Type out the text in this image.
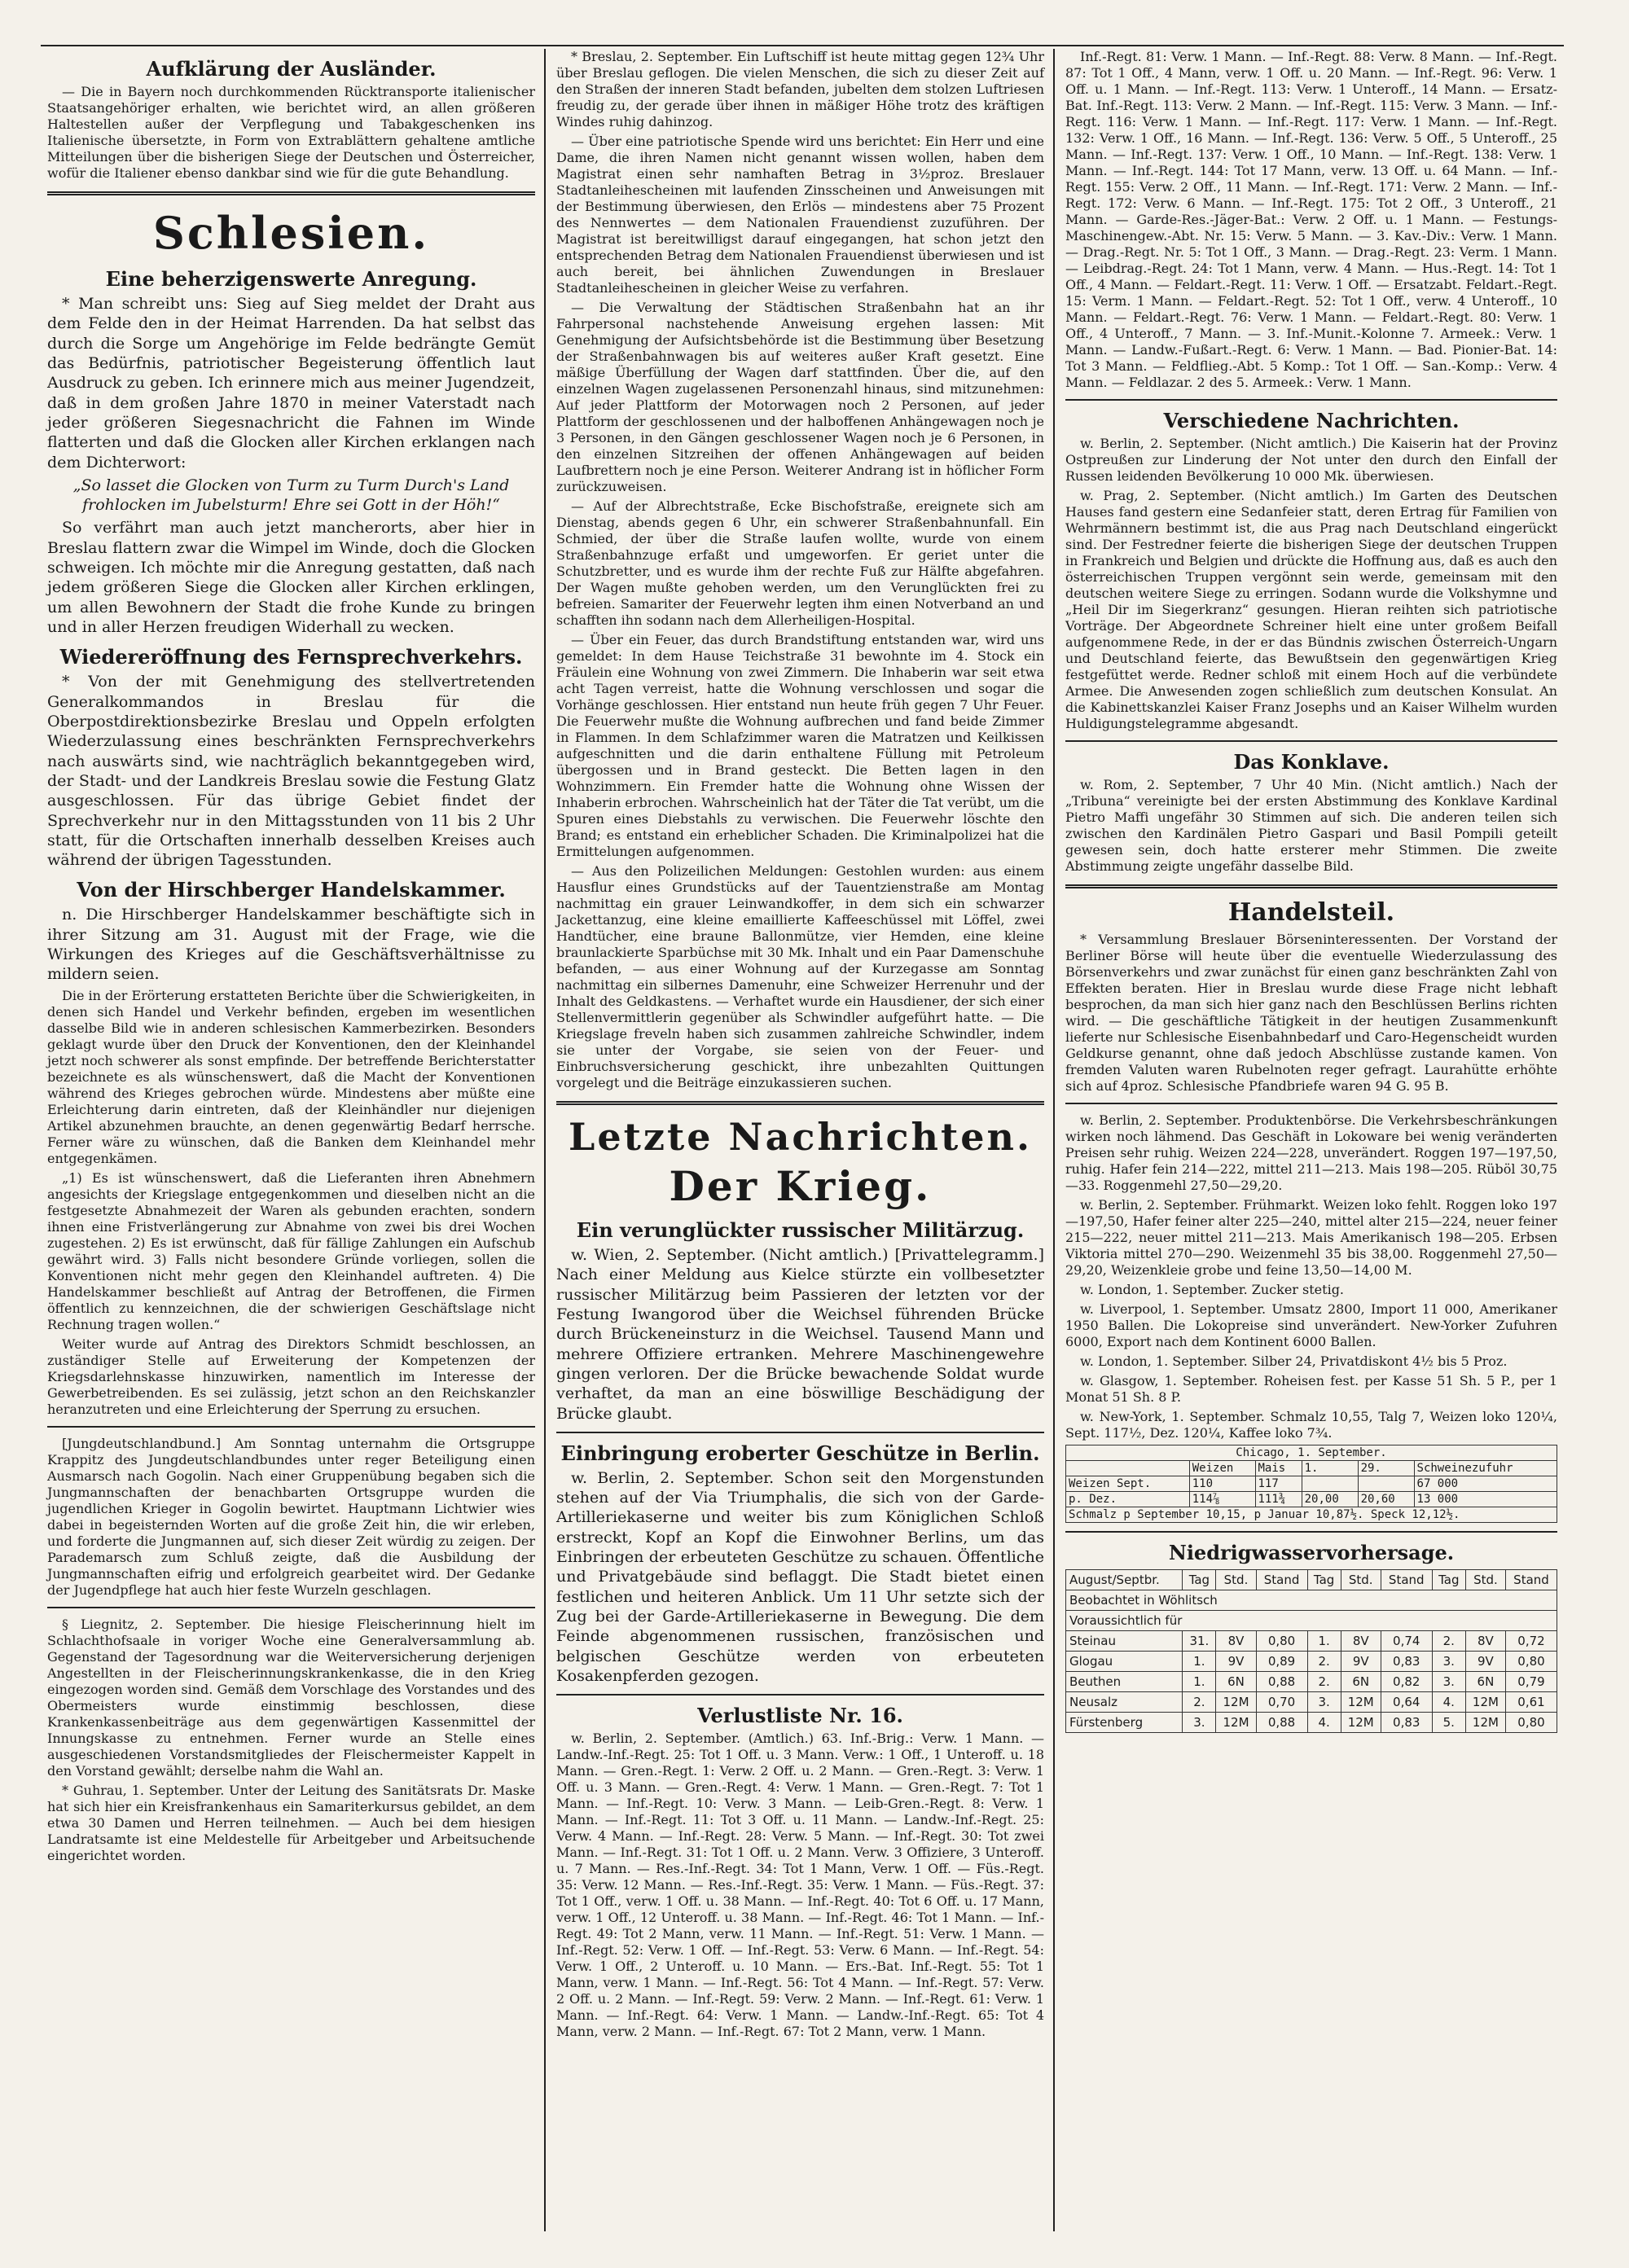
Aufklärung der Ausländer.

— Die in Bayern noch durchkommenden Rücktransporte italienischer Staatsangehöriger erhalten, wie berichtet wird, an allen größeren Haltestellen außer der Verpflegung und Tabakgeschenken ins Italienische übersetzte, in Form von Extrablättern gehaltene amtliche Mitteilungen über die bisherigen Siege der Deutschen und Österreicher, wofür die Italiener ebenso dankbar sind wie für die gute Behandlung.

Schlesien.
Eine beherzigenswerte Anregung.

* Man schreibt uns: Sieg auf Sieg meldet der Draht aus dem Felde den in der Heimat Harrenden. Da hat selbst das durch die Sorge um Angehörige im Felde bedrängte Gemüt das Bedürfnis, patriotischer Begeisterung öffentlich laut Ausdruck zu geben. Ich erinnere mich aus meiner Jugendzeit, daß in dem großen Jahre 1870 in meiner Vaterstadt nach jeder größeren Siegesnachricht die Fahnen im Winde flatterten und daß die Glocken aller Kirchen erklangen nach dem Dichterwort:

„So lasset die Glocken von Turm zu Turm Durch's Land frohlocken im Jubelsturm! Ehre sei Gott in der Höh!“

So verfährt man auch jetzt mancherorts, aber hier in Breslau flattern zwar die Wimpel im Winde, doch die Glocken schweigen. Ich möchte mir die Anregung gestatten, daß nach jedem größeren Siege die Glocken aller Kirchen erklingen, um allen Bewohnern der Stadt die frohe Kunde zu bringen und in aller Herzen freudigen Widerhall zu wecken.

Wiedereröffnung des Fernsprechverkehrs.

* Von der mit Genehmigung des stellvertretenden Generalkommandos in Breslau für die Oberpostdirektionsbezirke Breslau und Oppeln erfolgten Wiederzulassung eines beschränkten Fernsprechverkehrs nach auswärts sind, wie nachträglich bekanntgegeben wird, der Stadt- und der Landkreis Breslau sowie die Festung Glatz ausgeschlossen. Für das übrige Gebiet findet der Sprechverkehr nur in den Mittagsstunden von 11 bis 2 Uhr statt, für die Ortschaften innerhalb desselben Kreises auch während der übrigen Tagesstunden.

Von der Hirschberger Handelskammer.

n. Die Hirschberger Handelskammer beschäftigte sich in ihrer Sitzung am 31. August mit der Frage, wie die Wirkungen des Krieges auf die Geschäftsverhältnisse zu mildern seien.

Die in der Erörterung erstatteten Berichte über die Schwierigkeiten, in denen sich Handel und Verkehr befinden, ergeben im wesentlichen dasselbe Bild wie in anderen schlesischen Kammerbezirken. Besonders geklagt wurde über den Druck der Konventionen, den der Kleinhandel jetzt noch schwerer als sonst empfinde. Der betreffende Berichterstatter bezeichnete es als wünschenswert, daß die Macht der Konventionen während des Krieges gebrochen würde. Mindestens aber müßte eine Erleichterung darin eintreten, daß der Kleinhändler nur diejenigen Artikel abzunehmen brauchte, an denen gegenwärtig Bedarf herrsche. Ferner wäre zu wünschen, daß die Banken dem Kleinhandel mehr entgegenkämen.

„1) Es ist wünschenswert, daß die Lieferanten ihren Abnehmern angesichts der Kriegslage entgegenkommen und dieselben nicht an die festgesetzte Abnahmezeit der Waren als gebunden erachten, sondern ihnen eine Fristverlängerung zur Abnahme von zwei bis drei Wochen zugestehen. 2) Es ist erwünscht, daß für fällige Zahlungen ein Aufschub gewährt wird. 3) Falls nicht besondere Gründe vorliegen, sollen die Konventionen nicht mehr gegen den Kleinhandel auftreten. 4) Die Handelskammer beschließt auf Antrag der Betroffenen, die Firmen öffentlich zu kennzeichnen, die der schwierigen Geschäftslage nicht Rechnung tragen wollen.“

Weiter wurde auf Antrag des Direktors Schmidt beschlossen, an zuständiger Stelle auf Erweiterung der Kompetenzen der Kriegsdarlehnskasse hinzuwirken, namentlich im Interesse der Gewerbetreibenden. Es sei zulässig, jetzt schon an den Reichskanzler heranzutreten und eine Erleichterung der Sperrung zu ersuchen.

[Jungdeutschlandbund.] Am Sonntag unternahm die Ortsgruppe Krappitz des Jungdeutschlandbundes unter reger Beteiligung einen Ausmarsch nach Gogolin. Nach einer Gruppenübung begaben sich die Jungmannschaften der benachbarten Ortsgruppe wurden die jugendlichen Krieger in Gogolin bewirtet. Hauptmann Lichtwier wies dabei in begeisternden Worten auf die große Zeit hin, die wir erleben, und forderte die Jungmannen auf, sich dieser Zeit würdig zu zeigen. Der Parademarsch zum Schluß zeigte, daß die Ausbildung der Jungmannschaften eifrig und erfolgreich gearbeitet wird. Der Gedanke der Jugendpflege hat auch hier feste Wurzeln geschlagen.

§ Liegnitz, 2. September. Die hiesige Fleischerinnung hielt im Schlachthofsaale in voriger Woche eine Generalversammlung ab. Gegenstand der Tagesordnung war die Weiterversicherung derjenigen Angestellten in der Fleischerinnungskrankenkasse, die in den Krieg eingezogen worden sind. Gemäß dem Vorschlage des Vorstandes und des Obermeisters wurde einstimmig beschlossen, diese Krankenkassenbeiträge aus dem gegenwärtigen Kassenmittel der Innungskasse zu entnehmen. Ferner wurde an Stelle eines ausgeschiedenen Vorstandsmitgliedes der Fleischermeister Kappelt in den Vorstand gewählt; derselbe nahm die Wahl an.

* Guhrau, 1. September. Unter der Leitung des Sanitätsrats Dr. Maske hat sich hier ein Kreisfrankenhaus ein Samariterkursus gebildet, an dem etwa 30 Damen und Herren teilnehmen. — Auch bei dem hiesigen Landratsamte ist eine Meldestelle für Arbeitgeber und Arbeitsuchende eingerichtet worden.

* Breslau, 2. September. Ein Luftschiff ist heute mittag gegen 12¾ Uhr über Breslau geflogen. Die vielen Menschen, die sich zu dieser Zeit auf den Straßen der inneren Stadt befanden, jubelten dem stolzen Luftriesen freudig zu, der gerade über ihnen in mäßiger Höhe trotz des kräftigen Windes ruhig dahinzog.

— Über eine patriotische Spende wird uns berichtet: Ein Herr und eine Dame, die ihren Namen nicht genannt wissen wollen, haben dem Magistrat einen sehr namhaften Betrag in 3½proz. Breslauer Stadtanleihescheinen mit laufenden Zinsscheinen und Anweisungen mit der Bestimmung überwiesen, den Erlös — mindestens aber 75 Prozent des Nennwertes — dem Nationalen Frauendienst zuzuführen. Der Magistrat ist bereitwilligst darauf eingegangen, hat schon jetzt den entsprechenden Betrag dem Nationalen Frauendienst überwiesen und ist auch bereit, bei ähnlichen Zuwendungen in Breslauer Stadtanleihescheinen in gleicher Weise zu verfahren.

— Die Verwaltung der Städtischen Straßenbahn hat an ihr Fahrpersonal nachstehende Anweisung ergehen lassen: Mit Genehmigung der Aufsichtsbehörde ist die Bestimmung über Besetzung der Straßenbahnwagen bis auf weiteres außer Kraft gesetzt. Eine mäßige Überfüllung der Wagen darf stattfinden. Über die, auf den einzelnen Wagen zugelassenen Personenzahl hinaus, sind mitzunehmen: Auf jeder Plattform der Motorwagen noch 2 Personen, auf jeder Plattform der geschlossenen und der halboffenen Anhängewagen noch je 3 Personen, in den Gängen geschlossener Wagen noch je 6 Personen, in den einzelnen Sitzreihen der offenen Anhängewagen auf beiden Laufbrettern noch je eine Person. Weiterer Andrang ist in höflicher Form zurückzuweisen.

— Auf der Albrechtstraße, Ecke Bischofstraße, ereignete sich am Dienstag, abends gegen 6 Uhr, ein schwerer Straßenbahnunfall. Ein Schmied, der über die Straße laufen wollte, wurde von einem Straßenbahnzuge erfaßt und umgeworfen. Er geriet unter die Schutzbretter, und es wurde ihm der rechte Fuß zur Hälfte abgefahren. Der Wagen mußte gehoben werden, um den Verunglückten frei zu befreien. Samariter der Feuerwehr legten ihm einen Notverband an und schafften ihn sodann nach dem Allerheiligen-Hospital.

— Über ein Feuer, das durch Brandstiftung entstanden war, wird uns gemeldet: In dem Hause Teichstraße 31 bewohnte im 4. Stock ein Fräulein eine Wohnung von zwei Zimmern. Die Inhaberin war seit etwa acht Tagen verreist, hatte die Wohnung verschlossen und sogar die Vorhänge geschlossen. Hier entstand nun heute früh gegen 7 Uhr Feuer. Die Feuerwehr mußte die Wohnung aufbrechen und fand beide Zimmer in Flammen. In dem Schlafzimmer waren die Matratzen und Keilkissen aufgeschnitten und die darin enthaltene Füllung mit Petroleum übergossen und in Brand gesteckt. Die Betten lagen in den Wohnzimmern. Ein Fremder hatte die Wohnung ohne Wissen der Inhaberin erbrochen. Wahrscheinlich hat der Täter die Tat verübt, um die Spuren eines Diebstahls zu verwischen. Die Feuerwehr löschte den Brand; es entstand ein erheblicher Schaden. Die Kriminalpolizei hat die Ermittelungen aufgenommen.

— Aus den Polizeilichen Meldungen: Gestohlen wurden: aus einem Hausflur eines Grundstücks auf der Tauentzienstraße am Montag nachmittag ein grauer Leinwandkoffer, in dem sich ein schwarzer Jackettanzug, eine kleine emaillierte Kaffeeschüssel mit Löffel, zwei Handtücher, eine braune Ballonmütze, vier Hemden, eine kleine braunlackierte Sparbüchse mit 30 Mk. Inhalt und ein Paar Damenschuhe befanden, — aus einer Wohnung auf der Kurzegasse am Sonntag nachmittag ein silbernes Damenuhr, eine Schweizer Herrenuhr und der Inhalt des Geldkastens. — Verhaftet wurde ein Hausdiener, der sich einer Stellenvermittlerin gegenüber als Schwindler aufgeführt hatte. — Die Kriegslage freveln haben sich zusammen zahlreiche Schwindler, indem sie unter der Vorgabe, sie seien von der Feuer- und Einbruchsversicherung geschickt, ihre unbezahlten Quittungen vorgelegt und die Beiträge einzukassieren suchen.

Letzte Nachrichten.
Der Krieg.
Ein verunglückter russischer Militärzug.

w. Wien, 2. September. (Nicht amtlich.) [Privattelegramm.] Nach einer Meldung aus Kielce stürzte ein vollbesetzter russischer Militärzug beim Passieren der letzten vor der Festung Iwangorod über die Weichsel führenden Brücke durch Brückeneinsturz in die Weichsel. Tausend Mann und mehrere Offiziere ertranken. Mehrere Maschinengewehre gingen verloren. Der die Brücke bewachende Soldat wurde verhaftet, da man an eine böswillige Beschädigung der Brücke glaubt.

Einbringung eroberter Geschütze in Berlin.

w. Berlin, 2. September. Schon seit den Morgenstunden stehen auf der Via Triumphalis, die sich von der Garde-Artilleriekaserne und weiter bis zum Königlichen Schloß erstreckt, Kopf an Kopf die Einwohner Berlins, um das Einbringen der erbeuteten Geschütze zu schauen. Öffentliche und Privatgebäude sind beflaggt. Die Stadt bietet einen festlichen und heiteren Anblick. Um 11 Uhr setzte sich der Zug bei der Garde-Artilleriekaserne in Bewegung. Die dem Feinde abgenommenen russischen, französischen und belgischen Geschütze werden von erbeuteten Kosakenpferden gezogen.

Verlustliste Nr. 16.

w. Berlin, 2. September. (Amtlich.) 63. Inf.-Brig.: Verw. 1 Mann. — Landw.-Inf.-Regt. 25: Tot 1 Off. u. 3 Mann. Verw.: 1 Off., 1 Unteroff. u. 18 Mann. — Gren.-Regt. 1: Verw. 2 Off. u. 2 Mann. — Gren.-Regt. 3: Verw. 1 Off. u. 3 Mann. — Gren.-Regt. 4: Verw. 1 Mann. — Gren.-Regt. 7: Tot 1 Mann. — Inf.-Regt. 10: Verw. 3 Mann. — Leib-Gren.-Regt. 8: Verw. 1 Mann. — Inf.-Regt. 11: Tot 3 Off. u. 11 Mann. — Landw.-Inf.-Regt. 25: Verw. 4 Mann. — Inf.-Regt. 28: Verw. 5 Mann. — Inf.-Regt. 30: Tot zwei Mann. — Inf.-Regt. 31: Tot 1 Off. u. 2 Mann. Verw. 3 Offiziere, 3 Unteroff. u. 7 Mann. — Res.-Inf.-Regt. 34: Tot 1 Mann, Verw. 1 Off. — Füs.-Regt. 35: Verw. 12 Mann. — Res.-Inf.-Regt. 35: Verw. 1 Mann. — Füs.-Regt. 37: Tot 1 Off., verw. 1 Off. u. 38 Mann. — Inf.-Regt. 40: Tot 6 Off. u. 17 Mann, verw. 1 Off., 12 Unteroff. u. 38 Mann. — Inf.-Regt. 46: Tot 1 Mann. — Inf.-Regt. 49: Tot 2 Mann, verw. 11 Mann. — Inf.-Regt. 51: Verw. 1 Mann. — Inf.-Regt. 52: Verw. 1 Off. — Inf.-Regt. 53: Verw. 6 Mann. — Inf.-Regt. 54: Verw. 1 Off., 2 Unteroff. u. 10 Mann. — Ers.-Bat. Inf.-Regt. 55: Tot 1 Mann, verw. 1 Mann. — Inf.-Regt. 56: Tot 4 Mann. — Inf.-Regt. 57: Verw. 2 Off. u. 2 Mann. — Inf.-Regt. 59: Verw. 2 Mann. — Inf.-Regt. 61: Verw. 1 Mann. — Inf.-Regt. 64: Verw. 1 Mann. — Landw.-Inf.-Regt. 65: Tot 4 Mann, verw. 2 Mann. — Inf.-Regt. 67: Tot 2 Mann, verw. 1 Mann.

Inf.-Regt. 81: Verw. 1 Mann. — Inf.-Regt. 88: Verw. 8 Mann. — Inf.-Regt. 87: Tot 1 Off., 4 Mann, verw. 1 Off. u. 20 Mann. — Inf.-Regt. 96: Verw. 1 Off. u. 1 Mann. — Inf.-Regt. 113: Verw. 1 Unteroff., 14 Mann. — Ersatz-Bat. Inf.-Regt. 113: Verw. 2 Mann. — Inf.-Regt. 115: Verw. 3 Mann. — Inf.-Regt. 116: Verw. 1 Mann. — Inf.-Regt. 117: Verw. 1 Mann. — Inf.-Regt. 132: Verw. 1 Off., 16 Mann. — Inf.-Regt. 136: Verw. 5 Off., 5 Unteroff., 25 Mann. — Inf.-Regt. 137: Verw. 1 Off., 10 Mann. — Inf.-Regt. 138: Verw. 1 Mann. — Inf.-Regt. 144: Tot 17 Mann, verw. 13 Off. u. 64 Mann. — Inf.-Regt. 155: Verw. 2 Off., 11 Mann. — Inf.-Regt. 171: Verw. 2 Mann. — Inf.-Regt. 172: Verw. 6 Mann. — Inf.-Regt. 175: Tot 2 Off., 3 Unteroff., 21 Mann. — Garde-Res.-Jäger-Bat.: Verw. 2 Off. u. 1 Mann. — Festungs-Maschinengew.-Abt. Nr. 15: Verw. 5 Mann. — 3. Kav.-Div.: Verw. 1 Mann. — Drag.-Regt. Nr. 5: Tot 1 Off., 3 Mann. — Drag.-Regt. 23: Verm. 1 Mann. — Leibdrag.-Regt. 24: Tot 1 Mann, verw. 4 Mann. — Hus.-Regt. 14: Tot 1 Off., 4 Mann. — Feldart.-Regt. 11: Verw. 1 Off. — Ersatzabt. Feldart.-Regt. 15: Verm. 1 Mann. — Feldart.-Regt. 52: Tot 1 Off., verw. 4 Unteroff., 10 Mann. — Feldart.-Regt. 76: Verw. 1 Mann. — Feldart.-Regt. 80: Verw. 1 Off., 4 Unteroff., 7 Mann. — 3. Inf.-Munit.-Kolonne 7. Armeek.: Verw. 1 Mann. — Landw.-Fußart.-Regt. 6: Verw. 1 Mann. — Bad. Pionier-Bat. 14: Tot 3 Mann. — Feldflieg.-Abt. 5 Komp.: Tot 1 Off. — San.-Komp.: Verw. 4 Mann. — Feldlazar. 2 des 5. Armeek.: Verw. 1 Mann.

Verschiedene Nachrichten.

w. Berlin, 2. September. (Nicht amtlich.) Die Kaiserin hat der Provinz Ostpreußen zur Linderung der Not unter den durch den Einfall der Russen leidenden Bevölkerung 10 000 Mk. überwiesen.

w. Prag, 2. September. (Nicht amtlich.) Im Garten des Deutschen Hauses fand gestern eine Sedanfeier statt, deren Ertrag für Familien von Wehrmännern bestimmt ist, die aus Prag nach Deutschland eingerückt sind. Der Festredner feierte die bisherigen Siege der deutschen Truppen in Frankreich und Belgien und drückte die Hoffnung aus, daß es auch den österreichischen Truppen vergönnt sein werde, gemeinsam mit den deutschen weitere Siege zu erringen. Sodann wurde die Volkshymne und „Heil Dir im Siegerkranz“ gesungen. Hieran reihten sich patriotische Vorträge. Der Abgeordnete Schreiner hielt eine unter großem Beifall aufgenommene Rede, in der er das Bündnis zwischen Österreich-Ungarn und Deutschland feierte, das Bewußtsein den gegenwärtigen Krieg festgefüttet werde. Redner schloß mit einem Hoch auf die verbündete Armee. Die Anwesenden zogen schließlich zum deutschen Konsulat. An die Kabinettskanzlei Kaiser Franz Josephs und an Kaiser Wilhelm wurden Huldigungstelegramme abgesandt.

Das Konklave.

w. Rom, 2. September, 7 Uhr 40 Min. (Nicht amtlich.) Nach der „Tribuna“ vereinigte bei der ersten Abstimmung des Konklave Kardinal Pietro Maffi ungefähr 30 Stimmen auf sich. Die anderen teilen sich zwischen den Kardinälen Pietro Gaspari und Basil Pompili geteilt gewesen sein, doch hatte ersterer mehr Stimmen. Die zweite Abstimmung zeigte ungefähr dasselbe Bild.

Handelsteil.

* Versammlung Breslauer Börseninteressenten. Der Vorstand der Berliner Börse will heute über die eventuelle Wiederzulassung des Börsenverkehrs und zwar zunächst für einen ganz beschränkten Zahl von Effekten beraten. Hier in Breslau wurde diese Frage nicht lebhaft besprochen, da man sich hier ganz nach den Beschlüssen Berlins richten wird. — Die geschäftliche Tätigkeit in der heutigen Zusammenkunft lieferte nur Schlesische Eisenbahnbedarf und Caro-Hegenscheidt wurden Geldkurse genannt, ohne daß jedoch Abschlüsse zustande kamen. Von fremden Valuten waren Rubelnoten reger gefragt. Laurahütte erhöhte sich auf 4proz. Schlesische Pfandbriefe waren 94 G. 95 B.

w. Berlin, 2. September. Produktenbörse. Die Verkehrsbeschränkungen wirken noch lähmend. Das Geschäft in Lokoware bei wenig veränderten Preisen sehr ruhig. Weizen 224—228, unverändert. Roggen 197—197,50, ruhig. Hafer fein 214—222, mittel 211—213. Mais 198—205. Rüböl 30,75—33. Roggenmehl 27,50—29,20.

w. Berlin, 2. September. Frühmarkt. Weizen loko fehlt. Roggen loko 197—197,50, Hafer feiner alter 225—240, mittel alter 215—224, neuer feiner 215—222, neuer mittel 211—213. Mais Amerikanisch 198—205. Erbsen Viktoria mittel 270—290. Weizenmehl 35 bis 38,00. Roggenmehl 27,50—29,20, Weizenkleie grobe und feine 13,50—14,00 M.

w. London, 1. September. Zucker stetig.

w. Liverpool, 1. September. Umsatz 2800, Import 11 000, Amerikaner 1950 Ballen. Die Lokopreise sind unverändert. New-Yorker Zufuhren 6000, Export nach dem Kontinent 6000 Ballen.

w. London, 1. September. Silber 24, Privatdiskont 4½ bis 5 Proz.

w. Glasgow, 1. September. Roheisen fest. per Kasse 51 Sh. 5 P., per 1 Monat 51 Sh. 8 P.

w. New-York, 1. September. Schmalz 10,55, Talg 7, Weizen loko 120¼, Sept. 117½, Dez. 120¼, Kaffee loko 7¾.

Chicago, 1. September.					
	Weizen	Mais	1.	29.	Schweinezufuhr
Weizen Sept.	110	117			67 000
p. Dez.	114⅞	111¾	20,00	20,60	13 000
Schmalz p September 10,15, p Januar 10,87½. Speck 12,12½.					
Niedrigwasservorhersage.
August/Septbr.	Tag	Std.	Stand	Tag	Std.	Stand	Tag	Std.	Stand
Beobachtet in Wöhlitsch									
Voraussichtlich für									
Steinau	31.	8V	0,80	1.	8V	0,74	2.	8V	0,72
Glogau	1.	9V	0,89	2.	9V	0,83	3.	9V	0,80
Beuthen	1.	6N	0,88	2.	6N	0,82	3.	6N	0,79
Neusalz	2.	12M	0,70	3.	12M	0,64	4.	12M	0,61
Fürstenberg	3.	12M	0,88	4.	12M	0,83	5.	12M	0,80
